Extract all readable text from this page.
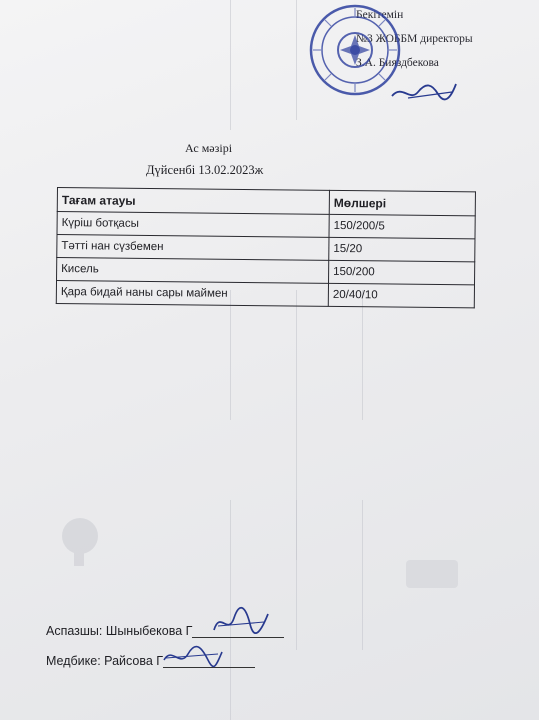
Бекітемін
№3 ЖОББМ директоры
З.А. Бияздбекова
Ас мәзірі
Дүйсенбі 13.02.2023ж
Тағам атауы	Мөлшері
Күріш ботқасы	150/200/5
Тәтті нан сүзбемен	15/20
Кисель	150/200
Қара бидай наны сары маймен	20/40/10
Аспазшы: Шыныбекова Г
Медбике: Райсова Г
